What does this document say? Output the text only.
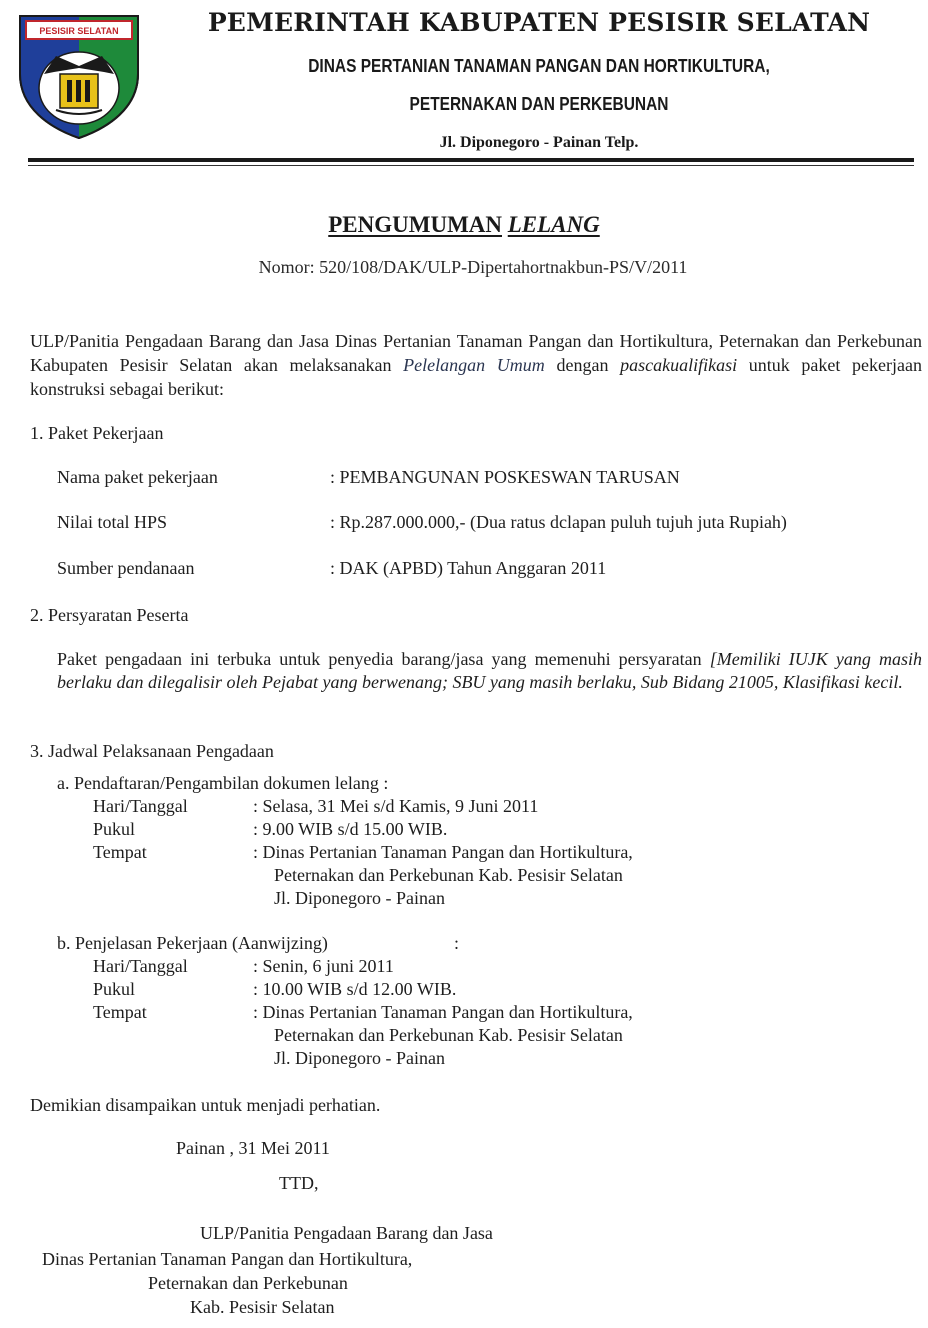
PESISIR SELATAN	PEMERINTAH KABUPATEN PESISIR SELATAN
DINAS PERTANIAN TANAMAN PANGAN DAN HORTIKULTURA,
PETERNAKAN DAN PERKEBUNAN
Jl. Diponegoro - Painan Telp.
PENGUMUMAN LELANG
Nomor: 520/108/DAK/ULP-Dipertahortnakbun-PS/V/2011
ULP/Panitia Pengadaan Barang dan Jasa Dinas Pertanian Tanaman Pangan dan Hortikultura, Peternakan dan Perkebunan Kabupaten Pesisir Selatan akan melaksanakan Pelelangan Umum dengan pascakualifikasi untuk paket pekerjaan konstruksi sebagai berikut:
1. Paket Pekerjaan
Nama paket pekerjaan	: PEMBANGUNAN POSKESWAN TARUSAN
Nilai total HPS	: Rp.287.000.000,- (Dua ratus dclapan puluh tujuh juta Rupiah)
Sumber pendanaan	: DAK (APBD) Tahun Anggaran 2011
2. Persyaratan Peserta
Paket pengadaan ini terbuka untuk penyedia barang/jasa yang memenuhi persyaratan [Memiliki IUJK yang masih berlaku dan dilegalisir oleh Pejabat yang berwenang; SBU yang masih berlaku, Sub Bidang 21005, Klasifikasi kecil.
3. Jadwal Pelaksanaan Pengadaan
a. Pendaftaran/Pengambilan dokumen lelang :
Hari/Tanggal	: Selasa, 31 Mei s/d Kamis, 9 Juni 2011
Pukul	: 9.00 WIB s/d 15.00 WIB.
Tempat	: Dinas Pertanian Tanaman Pangan dan Hortikultura,
Peternakan dan Perkebunan Kab. Pesisir Selatan
Jl. Diponegoro - Painan
b. Penjelasan Pekerjaan (Aanwijzing)	:
Hari/Tanggal	: Senin, 6 juni 2011
Pukul	: 10.00 WIB s/d 12.00 WIB.
Tempat	: Dinas Pertanian Tanaman Pangan dan Hortikultura,
Peternakan dan Perkebunan Kab. Pesisir Selatan
Jl. Diponegoro - Painan
Demikian disampaikan untuk menjadi perhatian.
Painan , 31 Mei 2011
TTD,
ULP/Panitia Pengadaan Barang dan Jasa
Dinas Pertanian Tanaman Pangan dan Hortikultura,
Peternakan dan Perkebunan
Kab. Pesisir Selatan
